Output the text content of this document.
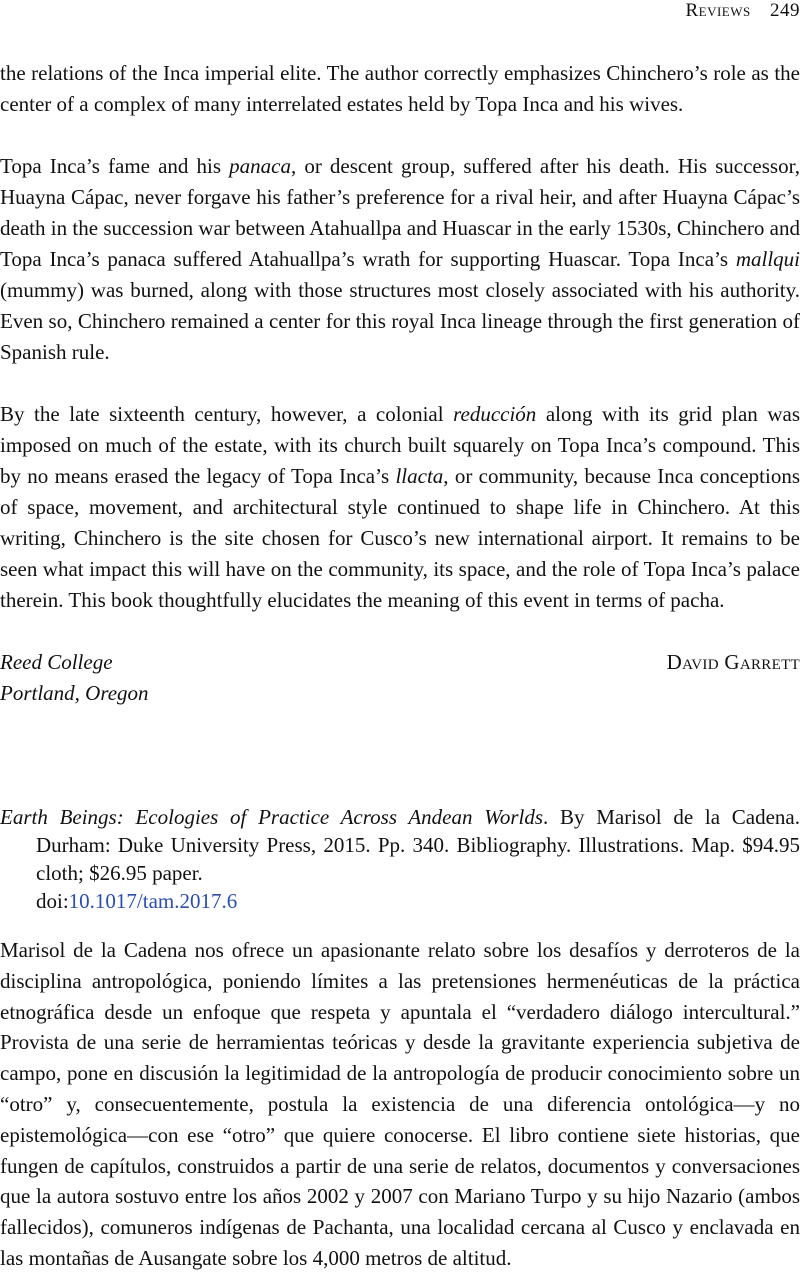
Reviews 249

the relations of the Inca imperial elite. The author correctly emphasizes Chinchero’s role as the center of a complex of many interrelated estates held by Topa Inca and his wives.

Topa Inca’s fame and his panaca, or descent group, suffered after his death. His successor, Huayna Cápac, never forgave his father’s preference for a rival heir, and after Huayna Cápac’s death in the succession war between Atahuallpa and Huascar in the early 1530s, Chinchero and Topa Inca’s panaca suffered Atahuallpa’s wrath for supporting Huascar. Topa Inca’s mallqui (mummy) was burned, along with those structures most closely associated with his authority. Even so, Chinchero remained a center for this royal Inca lineage through the first generation of Spanish rule.

By the late sixteenth century, however, a colonial reducción along with its grid plan was imposed on much of the estate, with its church built squarely on Topa Inca’s compound. This by no means erased the legacy of Topa Inca’s llacta, or community, because Inca conceptions of space, movement, and architectural style continued to shape life in Chinchero. At this writing, Chinchero is the site chosen for Cusco’s new international airport. It remains to be seen what impact this will have on the community, its space, and the role of Topa Inca’s palace therein. This book thoughtfully elucidates the meaning of this event in terms of pacha.

Reed College
Portland, Oregon
David Garrett

Earth Beings: Ecologies of Practice Across Andean Worlds. By Marisol de la Cadena. Durham: Duke University Press, 2015. Pp. 340. Bibliography. Illustrations. Map. $94.95 cloth; $26.95 paper.
doi:10.1017/tam.2017.6

Marisol de la Cadena nos ofrece un apasionante relato sobre los desafíos y derroteros de la disciplina antropológica, poniendo límites a las pretensiones hermenéuticas de la práctica etnográfica desde un enfoque que respeta y apuntala el “verdadero diálogo intercultural.” Provista de una serie de herramientas teóricas y desde la gravitante experiencia subjetiva de campo, pone en discusión la legitimidad de la antropología de producir conocimiento sobre un “otro” y, consecuentemente, postula la existencia de una diferencia ontológica—y no epistemológica—con ese “otro” que quiere conocerse. El libro contiene siete historias, que fungen de capítulos, construidos a partir de una serie de relatos, documentos y conversaciones que la autora sostuvo entre los años 2002 y 2007 con Mariano Turpo y su hijo Nazario (ambos fallecidos), comuneros indígenas de Pachanta, una localidad cercana al Cusco y enclavada en las montañas de Ausangate sobre los 4,000 metros de altitud.
